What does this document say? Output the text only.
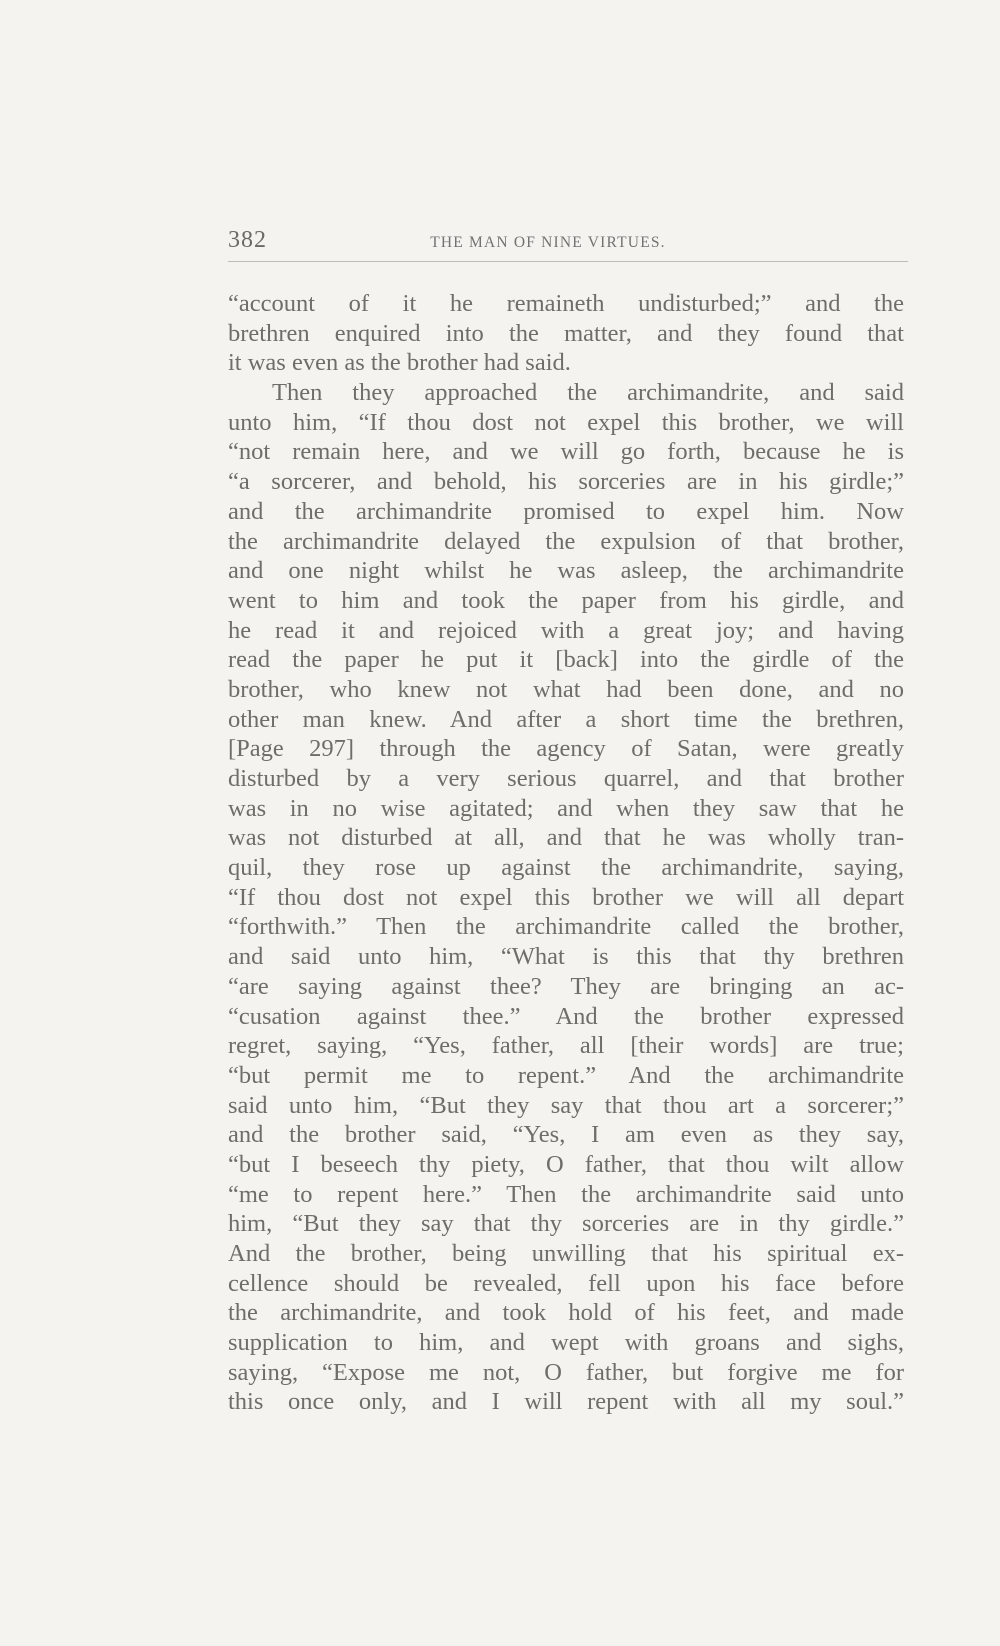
382	THE MAN OF NINE VIRTUES.
“account of it he remaineth undisturbed;” and the
brethren enquired into the matter, and they found that
it was even as the brother had said.
Then they approached the archimandrite, and said
unto him, “If thou dost not expel this brother, we will
“not remain here, and we will go forth, because he is
“a sorcerer, and behold, his sorceries are in his girdle;”
and the archimandrite promised to expel him. Now
the archimandrite delayed the expulsion of that brother,
and one night whilst he was asleep, the archimandrite
went to him and took the paper from his girdle, and
he read it and rejoiced with a great joy; and having
read the paper he put it [back] into the girdle of the
brother, who knew not what had been done, and no
other man knew. And after a short time the brethren,
[Page 297] through the agency of Satan, were greatly
disturbed by a very serious quarrel, and that brother
was in no wise agitated; and when they saw that he
was not disturbed at all, and that he was wholly tran-
quil, they rose up against the archimandrite, saying,
“If thou dost not expel this brother we will all depart
“forthwith.” Then the archimandrite called the brother,
and said unto him, “What is this that thy brethren
“are saying against thee? They are bringing an ac-
“cusation against thee.” And the brother expressed
regret, saying, “Yes, father, all [their words] are true;
“but permit me to repent.” And the archimandrite
said unto him, “But they say that thou art a sorcerer;”
and the brother said, “Yes, I am even as they say,
“but I beseech thy piety, O father, that thou wilt allow
“me to repent here.” Then the archimandrite said unto
him, “But they say that thy sorceries are in thy girdle.”
And the brother, being unwilling that his spiritual ex-
cellence should be revealed, fell upon his face before
the archimandrite, and took hold of his feet, and made
supplication to him, and wept with groans and sighs,
saying, “Expose me not, O father, but forgive me for
this once only, and I will repent with all my soul.”
